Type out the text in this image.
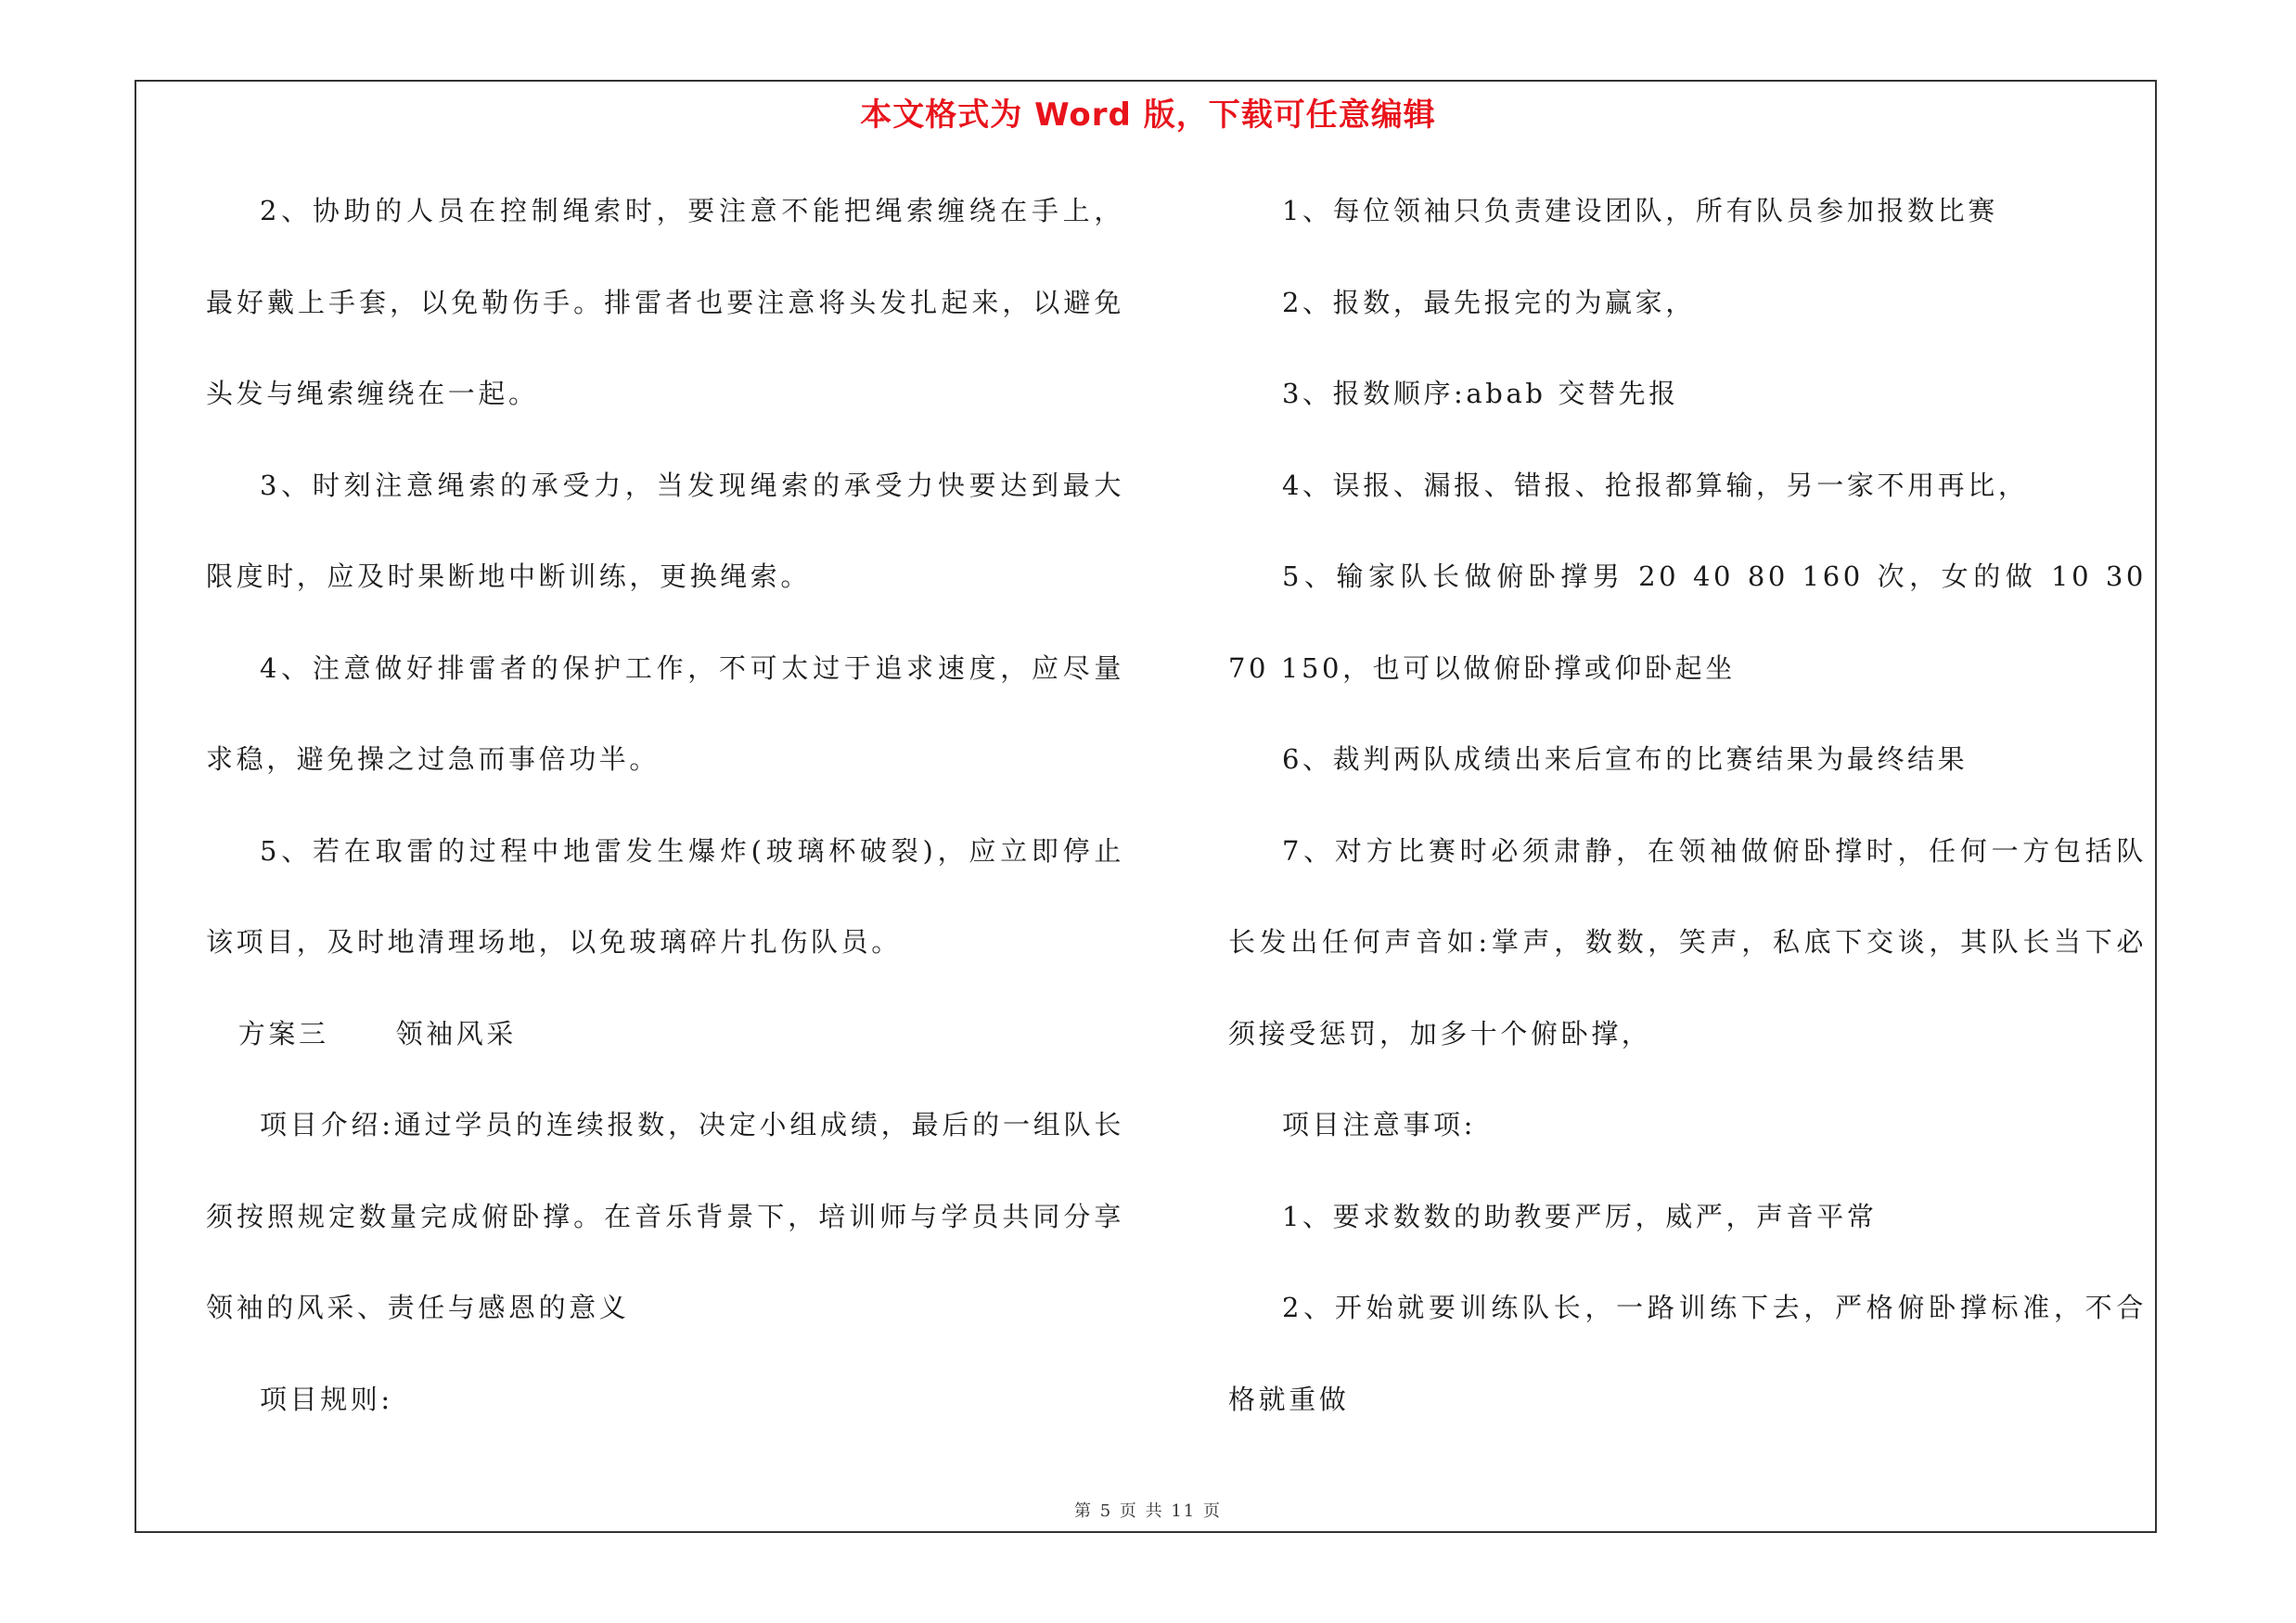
本文格式为 Word 版，下载可任意编辑

2、协助的人员在控制绳索时，要注意不能把绳索缠绕在手上，最好戴上手套，以免勒伤手。排雷者也要注意将头发扎起来，以避免头发与绳索缠绕在一起。

3、时刻注意绳索的承受力，当发现绳索的承受力快要达到最大限度时，应及时果断地中断训练，更换绳索。

4、注意做好排雷者的保护工作，不可太过于追求速度，应尽量求稳，避免操之过急而事倍功半。

5、若在取雷的过程中地雷发生爆炸(玻璃杯破裂)，应立即停止该项目，及时地清理场地，以免玻璃碎片扎伤队员。

方案三 领袖风采

项目介绍:通过学员的连续报数，决定小组成绩，最后的一组队长须按照规定数量完成俯卧撑。在音乐背景下，培训师与学员共同分享领袖的风采、责任与感恩的意义

项目规则:

1、每位领袖只负责建设团队，所有队员参加报数比赛

2、报数，最先报完的为赢家，

3、报数顺序:abab 交替先报

4、误报、漏报、错报、抢报都算输，另一家不用再比，

5、输家队长做俯卧撑男 20 40 80 160 次，女的做 10 30 70 150，也可以做俯卧撑或仰卧起坐

6、裁判两队成绩出来后宣布的比赛结果为最终结果

7、对方比赛时必须肃静，在领袖做俯卧撑时，任何一方包括队长发出任何声音如:掌声，数数，笑声，私底下交谈，其队长当下必须接受惩罚，加多十个俯卧撑，

项目注意事项:

1、要求数数的助教要严厉，威严，声音平常

2、开始就要训练队长，一路训练下去，严格俯卧撑标准，不合格就重做

第 5 页 共 11 页
